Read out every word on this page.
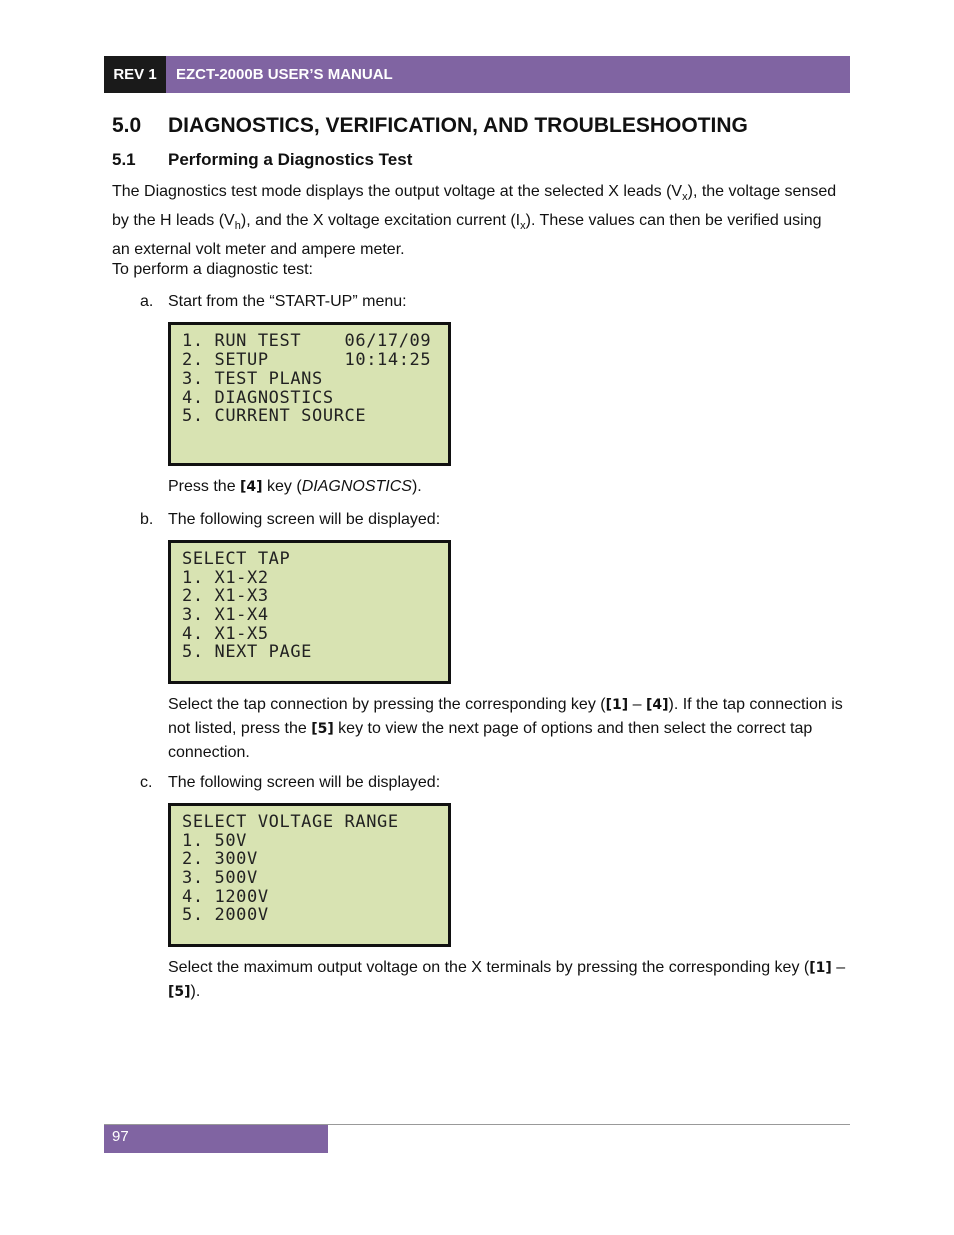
REV 1	EZCT-2000B USER’S MANUAL
5.0 DIAGNOSTICS, VERIFICATION, AND TROUBLESHOOTING
5.1 Performing a Diagnostics Test
The Diagnostics test mode displays the output voltage at the selected X leads $(V_x)$, the voltage sensed by the H leads $(V_h)$, and the X voltage excitation current $(I_x)$. These values can then be verified using an external volt meter and ampere meter.
To perform a diagnostic test:
a. Start from the “START-UP” menu:
1. RUN TEST    06/17/09
2. SETUP       10:14:25
3. TEST PLANS
4. DIAGNOSTICS
5. CURRENT SOURCE
Press the [4] key (DIAGNOSTICS).
b. The following screen will be displayed:
SELECT TAP
1. X1-X2
2. X1-X3
3. X1-X4
4. X1-X5
5. NEXT PAGE
Select the tap connection by pressing the corresponding key ([1] – [4]). If the tap connection is not listed, press the [5] key to view the next page of options and then select the correct tap connection.
c. The following screen will be displayed:
SELECT VOLTAGE RANGE
1. 50V
2. 300V
3. 500V
4. 1200V
5. 2000V
Select the maximum output voltage on the X terminals by pressing the corresponding key ([1] – [5]).
97
